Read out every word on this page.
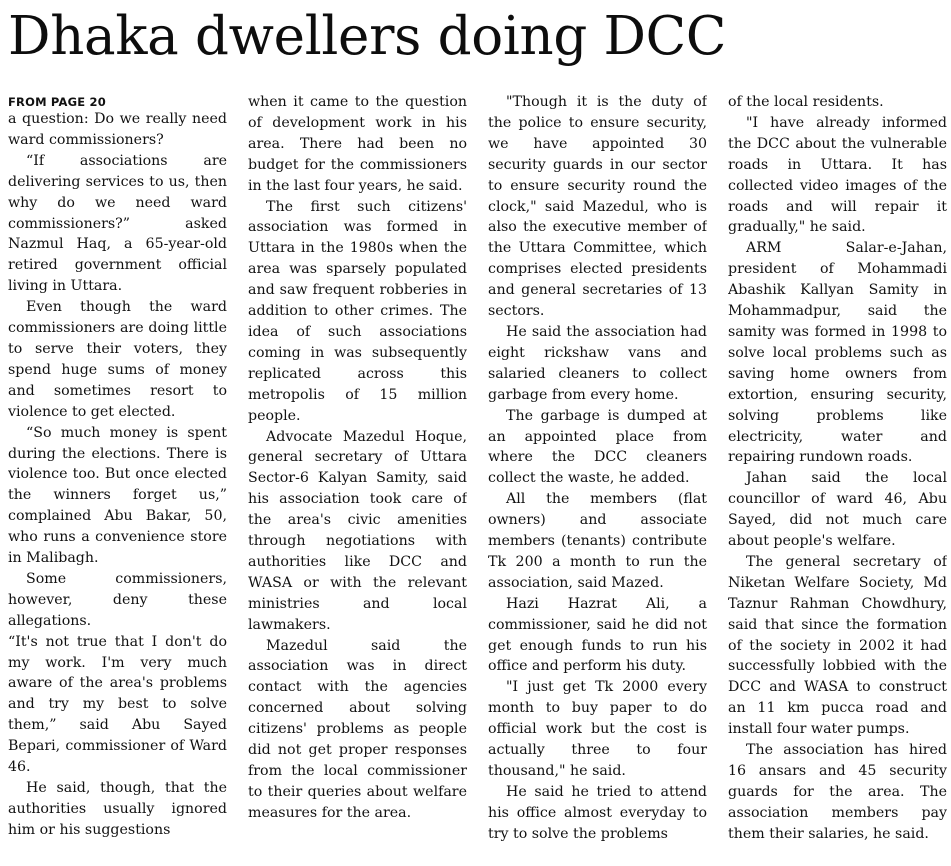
Dhaka dwellers doing DCC
FROM PAGE 20

a question: Do we really need ward commissioners?

“If associations are delivering services to us, then why do we need ward commissioners?” asked Nazmul Haq, a 65-year-old retired government official living in Uttara.

Even though the ward commissioners are doing little to serve their voters, they spend huge sums of money and sometimes resort to violence to get elected.

“So much money is spent during the elections. There is violence too. But once elected the winners forget us,” complained Abu Bakar, 50, who runs a convenience store in Malibagh.

Some commissioners, however, deny these allegations.

“It's not true that I don't do my work. I'm very much aware of the area's problems and try my best to solve them,” said Abu Sayed Bepari, commissioner of Ward 46.

He said, though, that the authorities usually ignored him or his suggestions

when it came to the question of development work in his area. There had been no budget for the commissioners in the last four years, he said.

The first such citizens' association was formed in Uttara in the 1980s when the area was sparsely populated and saw frequent robberies in addition to other crimes. The idea of such associations coming in was subsequently replicated across this metropolis of 15 million people.

Advocate Mazedul Hoque, general secretary of Uttara Sector-6 Kalyan Samity, said his association took care of the area's civic amenities through negotiations with authorities like DCC and WASA or with the relevant ministries and local lawmakers.

Mazedul said the association was in direct contact with the agencies concerned about solving citizens' problems as people did not get proper responses from the local commissioner to their queries about welfare measures for the area.

"Though it is the duty of the police to ensure security, we have appointed 30 security guards in our sector to ensure security round the clock," said Mazedul, who is also the executive member of the Uttara Committee, which comprises elected presidents and general secretaries of 13 sectors.

He said the association had eight rickshaw vans and salaried cleaners to collect garbage from every home.

The garbage is dumped at an appointed place from where the DCC cleaners collect the waste, he added.

All the members (flat owners) and associate members (tenants) contribute Tk 200 a month to run the association, said Mazed.

Hazi Hazrat Ali, a commissioner, said he did not get enough funds to run his office and perform his duty.

"I just get Tk 2000 every month to buy paper to do official work but the cost is actually three to four thousand," he said.

He said he tried to attend his office almost everyday to try to solve the problems

of the local residents.

"I have already informed the DCC about the vulnerable roads in Uttara. It has collected video images of the roads and will repair it gradually," he said.

ARM Salar-e-Jahan, president of Mohammadi Abashik Kallyan Samity in Mohammadpur, said the samity was formed in 1998 to solve local problems such as saving home owners from extortion, ensuring security, solving problems like electricity, water and repairing rundown roads.

Jahan said the local councillor of ward 46, Abu Sayed, did not much care about people's welfare.

The general secretary of Niketan Welfare Society, Md Taznur Rahman Chowdhury, said that since the formation of the society in 2002 it had successfully lobbied with the DCC and WASA to construct an 11 km pucca road and install four water pumps.

The association has hired 16 ansars and 45 security guards for the area. The association members pay them their salaries, he said.
